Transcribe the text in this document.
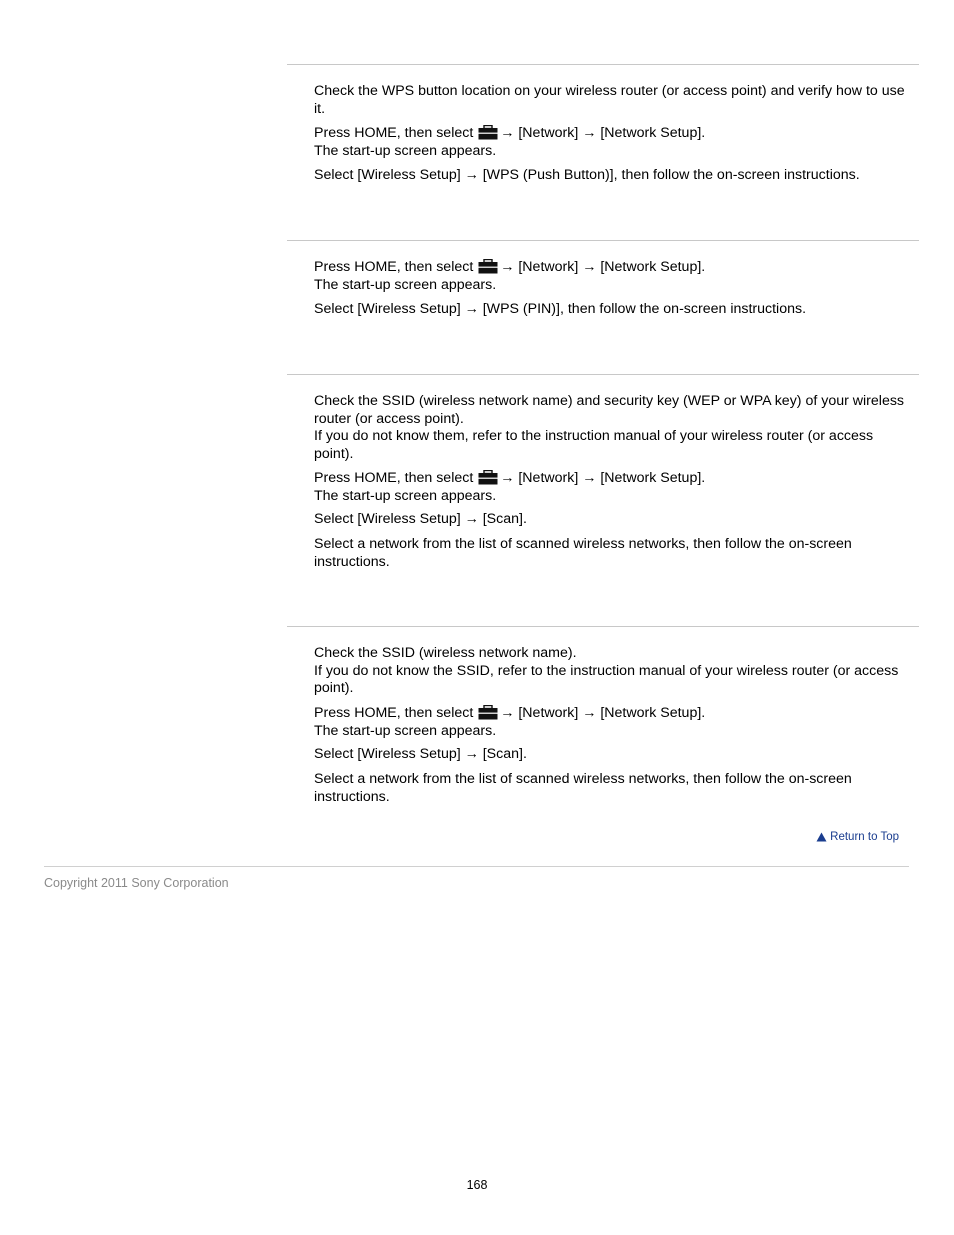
Check the WPS button location on your wireless router (or access point) and verify how to use it.

Press HOME, then select → [Network] → [Network Setup].
The start-up screen appears.

Select [Wireless Setup] → [WPS (Push Button)], then follow the on-screen instructions.

Press HOME, then select → [Network] → [Network Setup].
The start-up screen appears.

Select [Wireless Setup] → [WPS (PIN)], then follow the on-screen instructions.

Check the SSID (wireless network name) and security key (WEP or WPA key) of your wireless router (or access point).
If you do not know them, refer to the instruction manual of your wireless router (or access point).

Press HOME, then select → [Network] → [Network Setup].
The start-up screen appears.

Select [Wireless Setup] → [Scan].

Select a network from the list of scanned wireless networks, then follow the on-screen instructions.

Check the SSID (wireless network name).
If you do not know the SSID, refer to the instruction manual of your wireless router (or access point).

Press HOME, then select → [Network] → [Network Setup].
The start-up screen appears.

Select [Wireless Setup] → [Scan].

Select a network from the list of scanned wireless networks, then follow the on-screen instructions.

Return to Top
Copyright 2011 Sony Corporation
168
